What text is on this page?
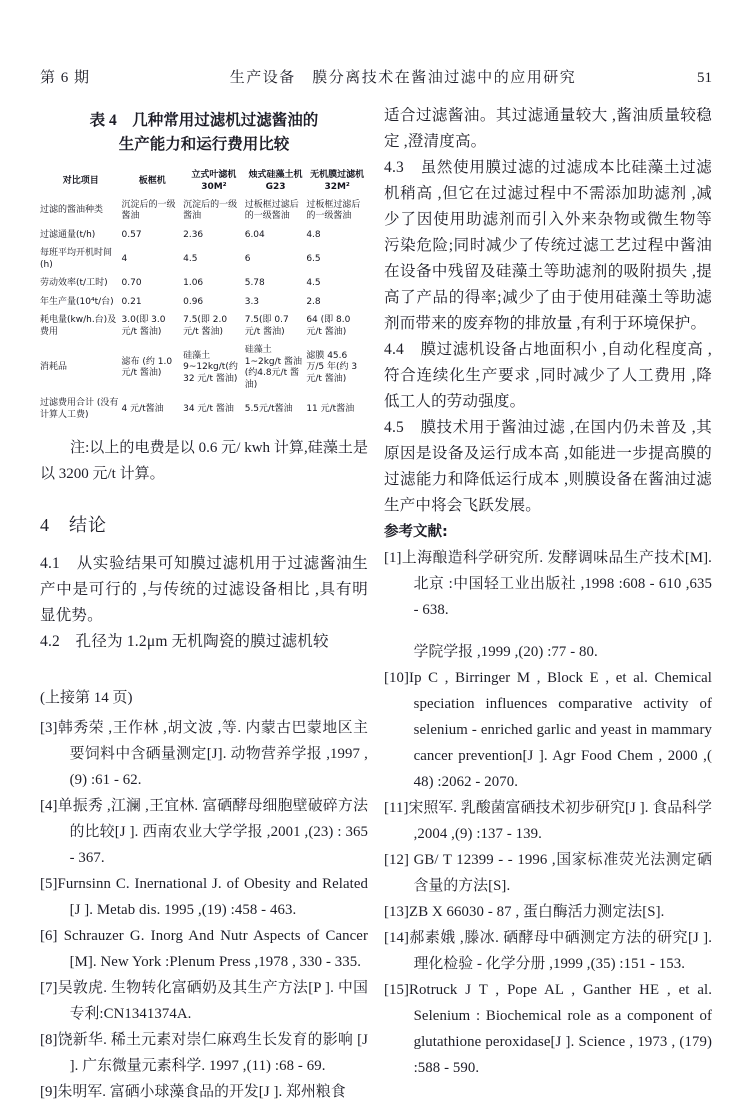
第 6 期	生产设备　膜分离技术在酱油过滤中的应用研究	51
表 4　几种常用过滤机过滤酱油的
生产能力和运行费用比较
对比项目	板框机	立式叶滤机 30M²	烛式硅藻土机 G23	无机膜过滤机 32M²
过滤的酱油种类	沉淀后的一级酱油	沉淀后的一级酱油	过板框过滤后的一级酱油	过板框过滤后的一级酱油
过滤通量(t/h)	0.57	2.36	6.04	4.8
每班平均开机时间(h)	4	4.5	6	6.5
劳动效率(t/工时)	0.70	1.06	5.78	4.5
年生产量(10⁴t/台)	0.21	0.96	3.3	2.8
耗电量(kw/h.台)及费用	3.0(即 3.0 元/t 酱油)	7.5(即 2.0 元/t 酱油)	7.5(即 0.7 元/t 酱油)	64 (即 8.0 元/t 酱油)
消耗品	滤布 (约 1.0 元/t 酱油)	硅藻土 9~12kg/t(约 32 元/t 酱油)	硅藻土 1~2kg/t 酱油(约4.8元/t 酱油)	滤膜 45.6 万/5 年(约 3 元/t 酱油)
过滤费用合计 (没有计算人工费)	4 元/t酱油	34 元/t 酱油	5.5元/t酱油	11 元/t酱油
注:以上的电费是以 0.6 元/ kwh 计算,硅藻土是以 3200 元/t 计算。
4　结论
4.1　从实验结果可知膜过滤机用于过滤酱油生产中是可行的 ,与传统的过滤设备相比 ,具有明显优势。
4.2　孔径为 1.2μm 无机陶瓷的膜过滤机较
(上接第 14 页)
[3]韩秀荣 ,王作林 ,胡文波 ,等. 内蒙古巴蒙地区主要饲料中含硒量测定[J]. 动物营养学报 ,1997 ,(9) :61 - 62.
[4]单振秀 ,江澜 ,王宜林. 富硒酵母细胞壁破碎方法的比较[J ]. 西南农业大学学报 ,2001 ,(23) : 365 - 367.
[5]Furnsinn C. Inernational J. of Obesity and Related [J ]. Metab dis. 1995 ,(19) :458 - 463.
[6] Schrauzer G. Inorg And Nutr Aspects of Cancer [M]. New York :Plenum Press ,1978 , 330 - 335.
[7]吴敦虎. 生物转化富硒奶及其生产方法[P ]. 中国专利:CN1341374A.
[8]饶新华. 稀土元素对崇仁麻鸡生长发育的影响 [J ]. 广东微量元素科学. 1997 ,(11) :68 - 69.
[9]朱明军. 富硒小球藻食品的开发[J ]. 郑州粮食
适合过滤酱油。其过滤通量较大 ,酱油质量较稳定 ,澄清度高。
4.3　虽然使用膜过滤的过滤成本比硅藻土过滤机稍高 ,但它在过滤过程中不需添加助滤剂 ,减少了因使用助滤剂而引入外来杂物或微生物等污染危险;同时减少了传统过滤工艺过程中酱油在设备中残留及硅藻土等助滤剂的吸附损失 ,提高了产品的得率;减少了由于使用硅藻土等助滤剂而带来的废弃物的排放量 ,有利于环境保护。
4.4　膜过滤机设备占地面积小 ,自动化程度高 ,符合连续化生产要求 ,同时减少了人工费用 ,降低工人的劳动强度。
4.5　膜技术用于酱油过滤 ,在国内仍未普及 ,其原因是设备及运行成本高 ,如能进一步提高膜的过滤能力和降低运行成本 ,则膜设备在酱油过滤生产中将会飞跃发展。
参考文献:
[1]上海酿造科学研究所. 发酵调味品生产技术[M]. 北京 :中国轻工业出版社 ,1998 :608 - 610 ,635 - 638.
学院学报 ,1999 ,(20) :77 - 80.
[10]Ip C , Birringer M , Block E , et al. Chemical speciation influences comparative activity of selenium - enriched garlic and yeast in mammary cancer prevention[J ]. Agr Food Chem , 2000 ,( 48) :2062 - 2070.
[11]宋照军. 乳酸菌富硒技术初步研究[J ]. 食品科学 ,2004 ,(9) :137 - 139.
[12] GB/ T 12399 - - 1996 ,国家标准荧光法测定硒含量的方法[S].
[13]ZB X 66030 - 87 , 蛋白酶活力测定法[S].
[14]郝素娥 ,滕冰. 硒酵母中硒测定方法的研究[J ]. 理化检验 - 化学分册 ,1999 ,(35) :151 - 153.
[15]Rotruck J T , Pope AL , Ganther HE , et al. Selenium : Biochemical role as a component of glutathione peroxidase[J ]. Science , 1973 , (179) :588 - 590.
